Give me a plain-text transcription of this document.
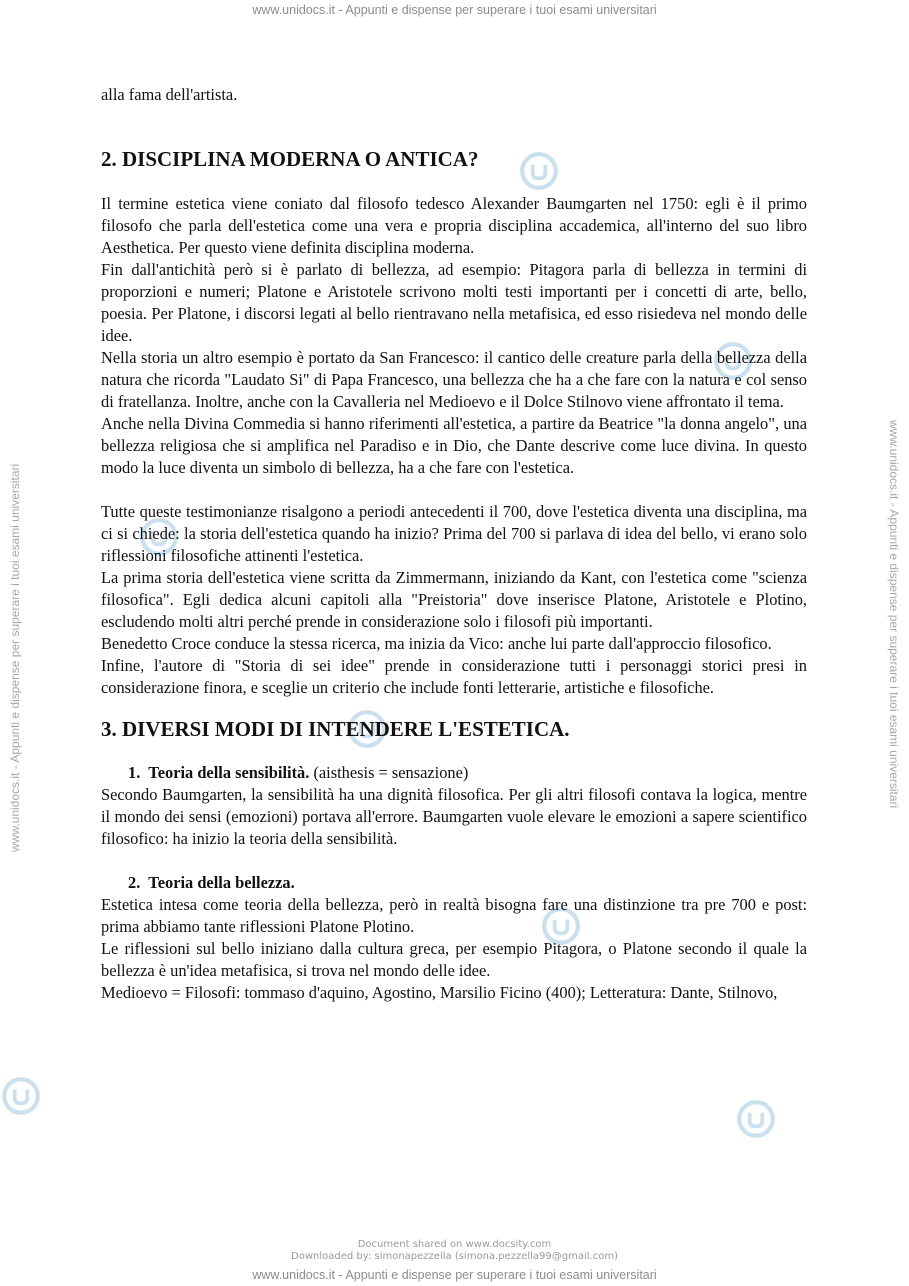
www.unidocs.it - Appunti e dispense per superare i tuoi esami universitari
www.unidocs.it - Appunti e dispense per superare i tuoi esami universitari	www.unidocs.it - Appunti e dispense per superare i tuoi esami universitari

alla fama dell'artista.

2. DISCIPLINA MODERNA O ANTICA?

Il termine estetica viene coniato dal filosofo tedesco Alexander Baumgarten nel 1750: egli è il primo filosofo che parla dell'estetica come una vera e propria disciplina accademica, all'interno del suo libro Aesthetica. Per questo viene definita disciplina moderna.

Fin dall'antichità però si è parlato di bellezza, ad esempio: Pitagora parla di bellezza in termini di proporzioni e numeri; Platone e Aristotele scrivono molti testi importanti per i concetti di arte, bello, poesia. Per Platone, i discorsi legati al bello rientravano nella metafisica, ed esso risiedeva nel mondo delle idee.

Nella storia un altro esempio è portato da San Francesco: il cantico delle creature parla della bellezza della natura che ricorda "Laudato Si" di Papa Francesco, una bellezza che ha a che fare con la natura e col senso di fratellanza. Inoltre, anche con la Cavalleria nel Medioevo e il Dolce Stilnovo viene affrontato il tema.

Anche nella Divina Commedia si hanno riferimenti all'estetica, a partire da Beatrice "la donna angelo", una bellezza religiosa che si amplifica nel Paradiso e in Dio, che Dante descrive come luce divina. In questo modo la luce diventa un simbolo di bellezza, ha a che fare con l'estetica.

Tutte queste testimonianze risalgono a periodi antecedenti il 700, dove l'estetica diventa una disciplina, ma ci si chiede: la storia dell'estetica quando ha inizio? Prima del 700 si parlava di idea del bello, vi erano solo riflessioni filosofiche attinenti l'estetica.

La prima storia dell'estetica viene scritta da Zimmermann, iniziando da Kant, con l'estetica come "scienza filosofica". Egli dedica alcuni capitoli alla "Preistoria" dove inserisce Platone, Aristotele e Plotino, escludendo molti altri perché prende in considerazione solo i filosofi più importanti.

Benedetto Croce conduce la stessa ricerca, ma inizia da Vico: anche lui parte dall'approccio filosofico.

Infine, l'autore di "Storia di sei idee" prende in considerazione tutti i personaggi storici presi in considerazione finora, e sceglie un criterio che include fonti letterarie, artistiche e filosofiche.

3. DIVERSI MODI DI INTENDERE L'ESTETICA.

1. Teoria della sensibilità. (aisthesis = sensazione)

Secondo Baumgarten, la sensibilità ha una dignità filosofica. Per gli altri filosofi contava la logica, mentre il mondo dei sensi (emozioni) portava all'errore. Baumgarten vuole elevare le emozioni a sapere scientifico filosofico: ha inizio la teoria della sensibilità.

2. Teoria della bellezza.

Estetica intesa come teoria della bellezza, però in realtà bisogna fare una distinzione tra pre 700 e post: prima abbiamo tante riflessioni Platone Plotino.

Le riflessioni sul bello iniziano dalla cultura greca, per esempio Pitagora, o Platone secondo il quale la bellezza è un'idea metafisica, si trova nel mondo delle idee.

Medioevo = Filosofi: tommaso d'aquino, Agostino, Marsilio Ficino (400); Letteratura: Dante, Stilnovo,

Document shared on www.docsity.com
Downloaded by: simonapezzella (simona.pezzella99@gmail.com)
www.unidocs.it - Appunti e dispense per superare i tuoi esami universitari
